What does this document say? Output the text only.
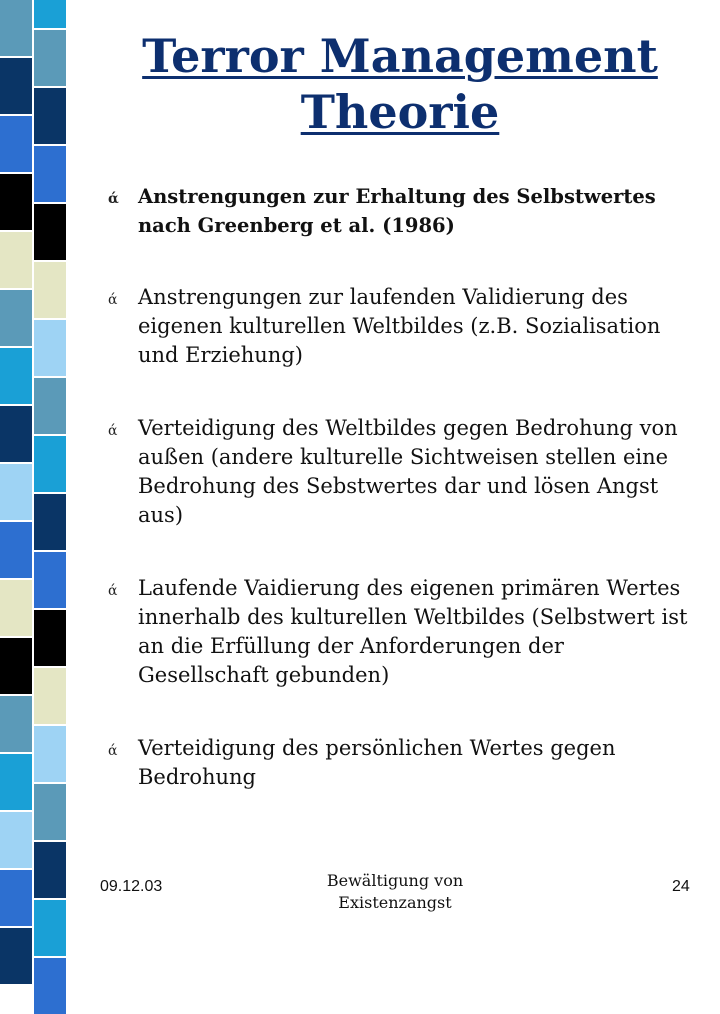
Terror Management
Theorie
ά Anstrengungen zur Erhaltung des Selbstwertes nach Greenberg et al. (1986)
ά Anstrengungen zur laufenden Validierung des eigenen kulturellen Weltbildes (z.B. Sozialisation und Erziehung)
ά Verteidigung des Weltbildes gegen Bedrohung von außen (andere kulturelle Sichtweisen stellen eine Bedrohung des Sebstwertes dar und lösen Angst aus)
ά Laufende Vaidierung des eigenen primären Wertes innerhalb des kulturellen Weltbildes (Selbstwert ist an die Erfüllung der Anforderungen der Gesellschaft gebunden)
ά Verteidigung des persönlichen Wertes gegen Bedrohung
09.12.03	Bewältigung von
Existenzangst
24
